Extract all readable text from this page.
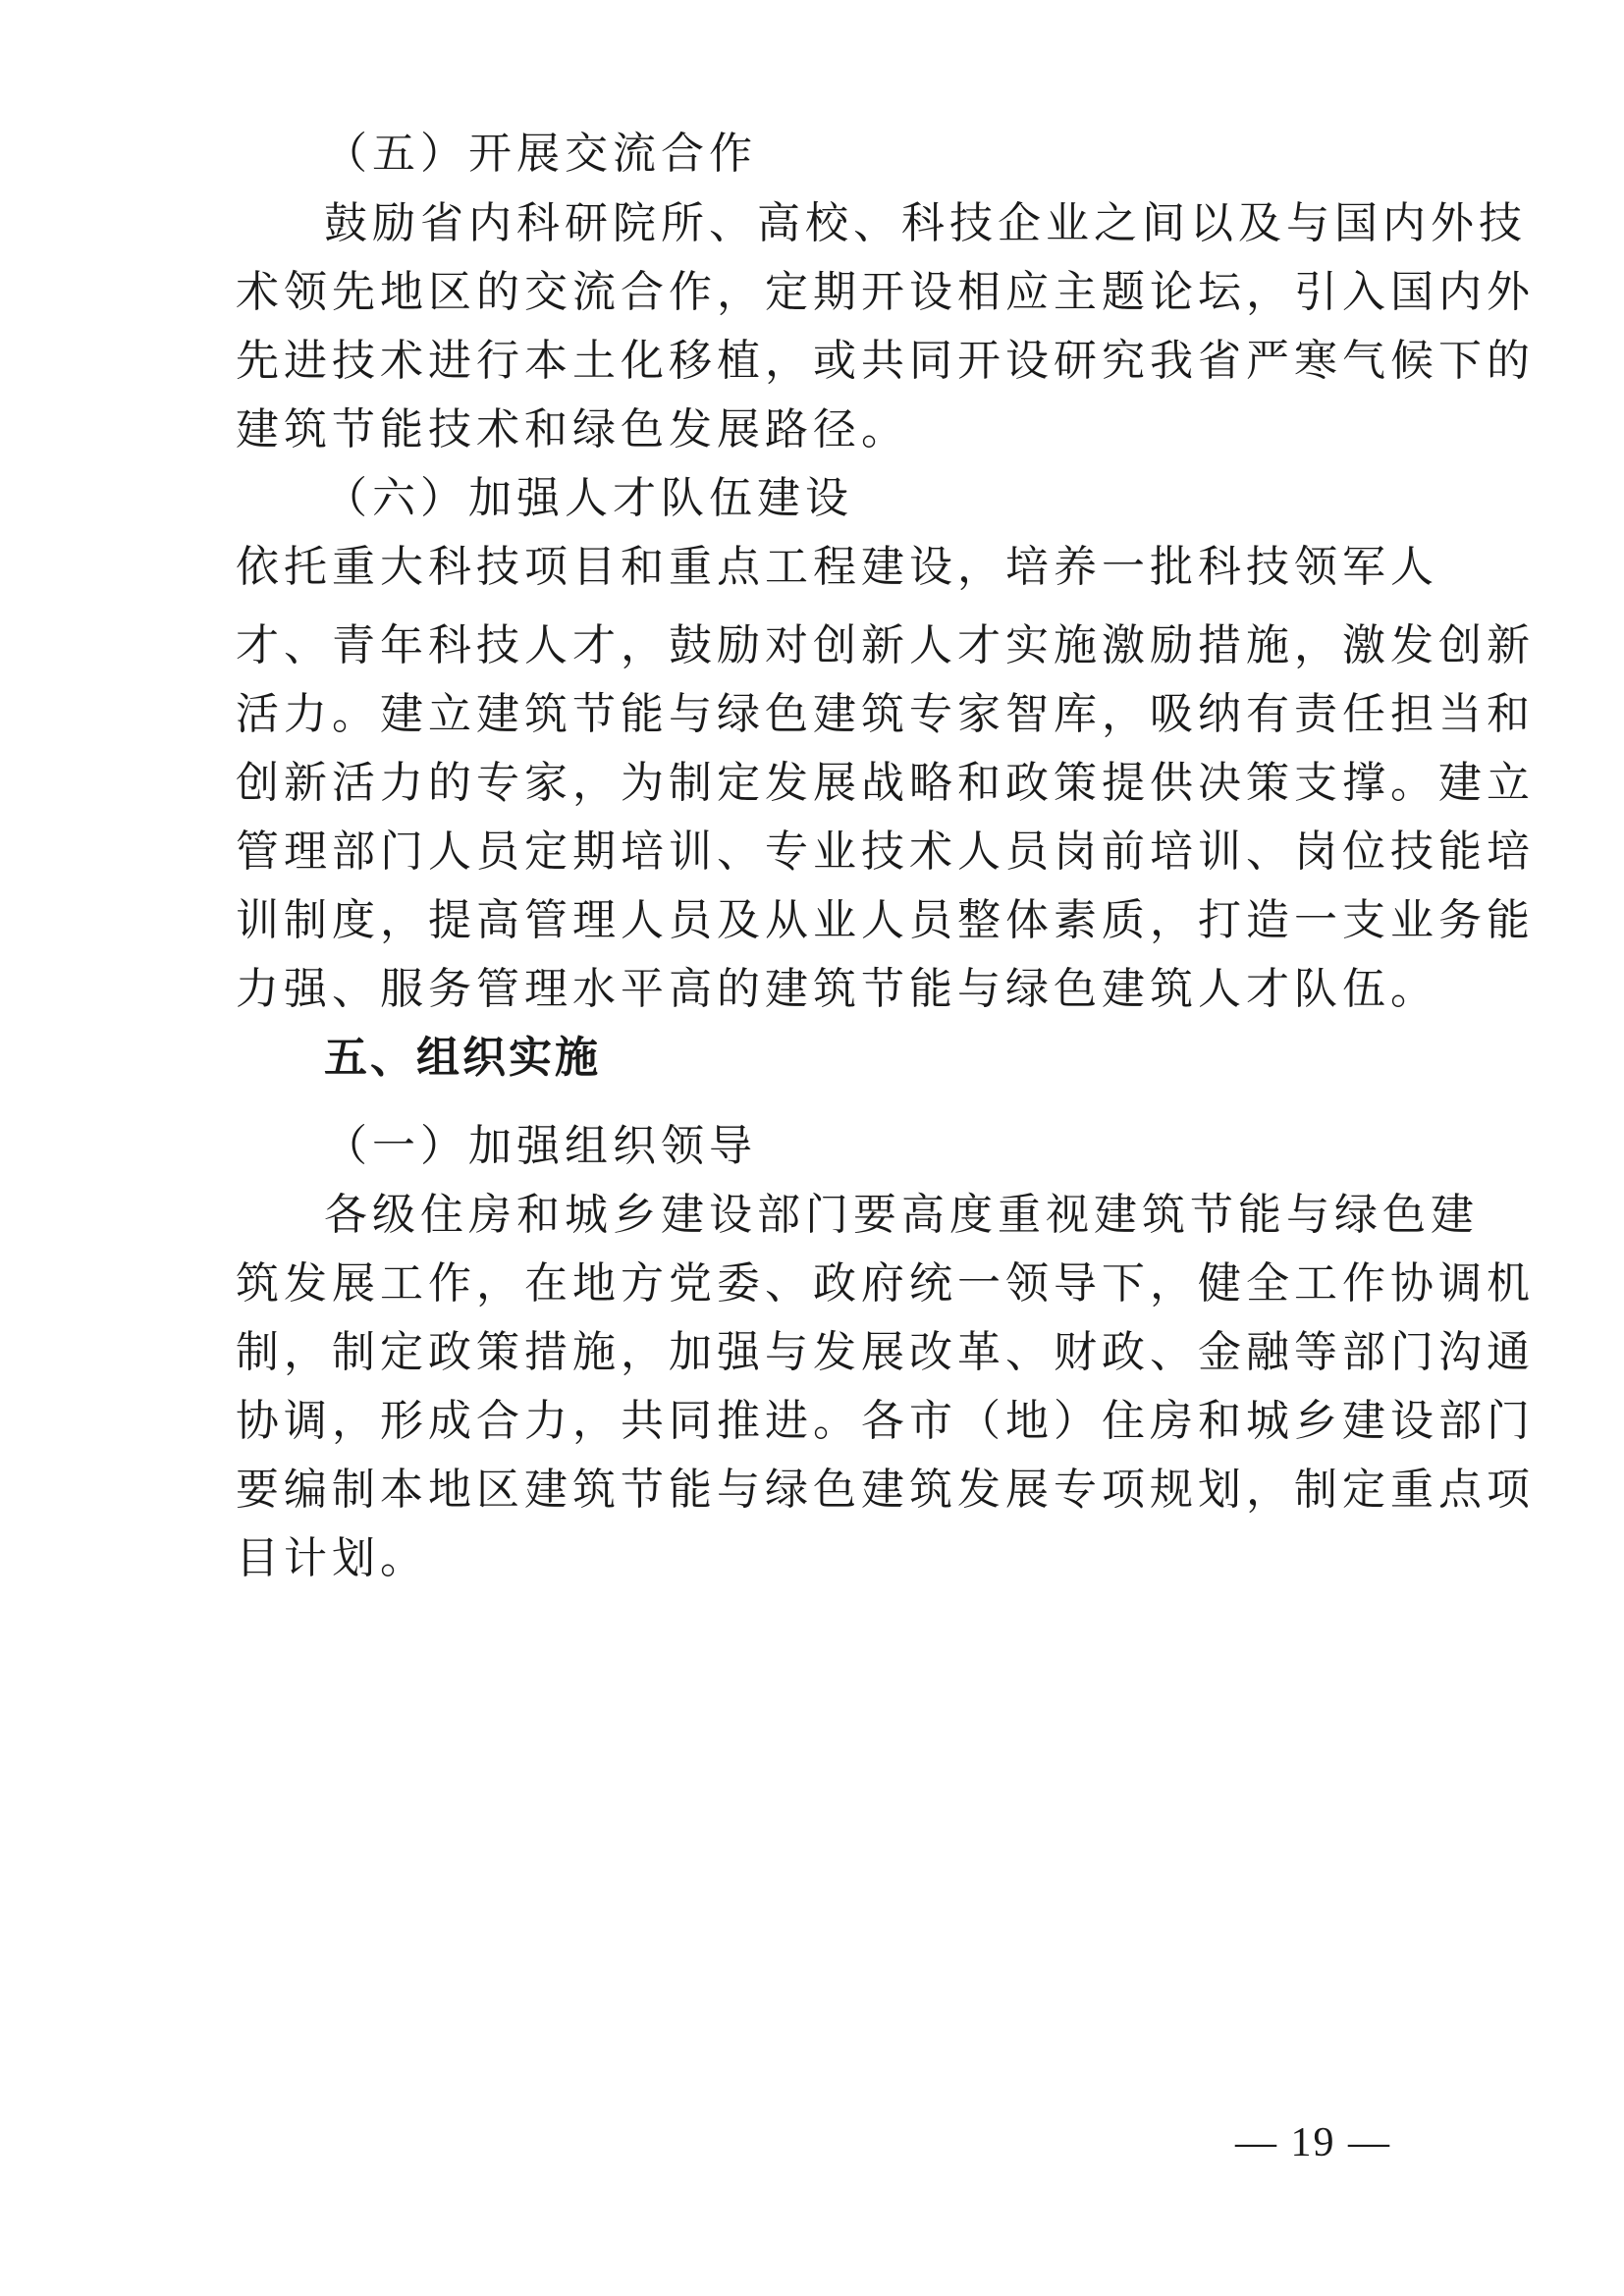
（五）开展交流合作
鼓励省内科研院所、高校、科技企业之间以及与国内外技
术领先地区的交流合作，定期开设相应主题论坛，引入国内外
先进技术进行本土化移植，或共同开设研究我省严寒气候下的
建筑节能技术和绿色发展路径。
（六）加强人才队伍建设
依托重大科技项目和重点工程建设，培养一批科技领军人
才、青年科技人才，鼓励对创新人才实施激励措施，激发创新
活力。建立建筑节能与绿色建筑专家智库，吸纳有责任担当和
创新活力的专家，为制定发展战略和政策提供决策支撑。建立
管理部门人员定期培训、专业技术人员岗前培训、岗位技能培
训制度，提高管理人员及从业人员整体素质，打造一支业务能
力强、服务管理水平高的建筑节能与绿色建筑人才队伍。
五、组织实施
（一）加强组织领导
各级住房和城乡建设部门要高度重视建筑节能与绿色建
筑发展工作，在地方党委、政府统一领导下，健全工作协调机
制，制定政策措施，加强与发展改革、财政、金融等部门沟通
协调，形成合力，共同推进。各市（地）住房和城乡建设部门
要编制本地区建筑节能与绿色建筑发展专项规划，制定重点项
目计划。
— 19 —
